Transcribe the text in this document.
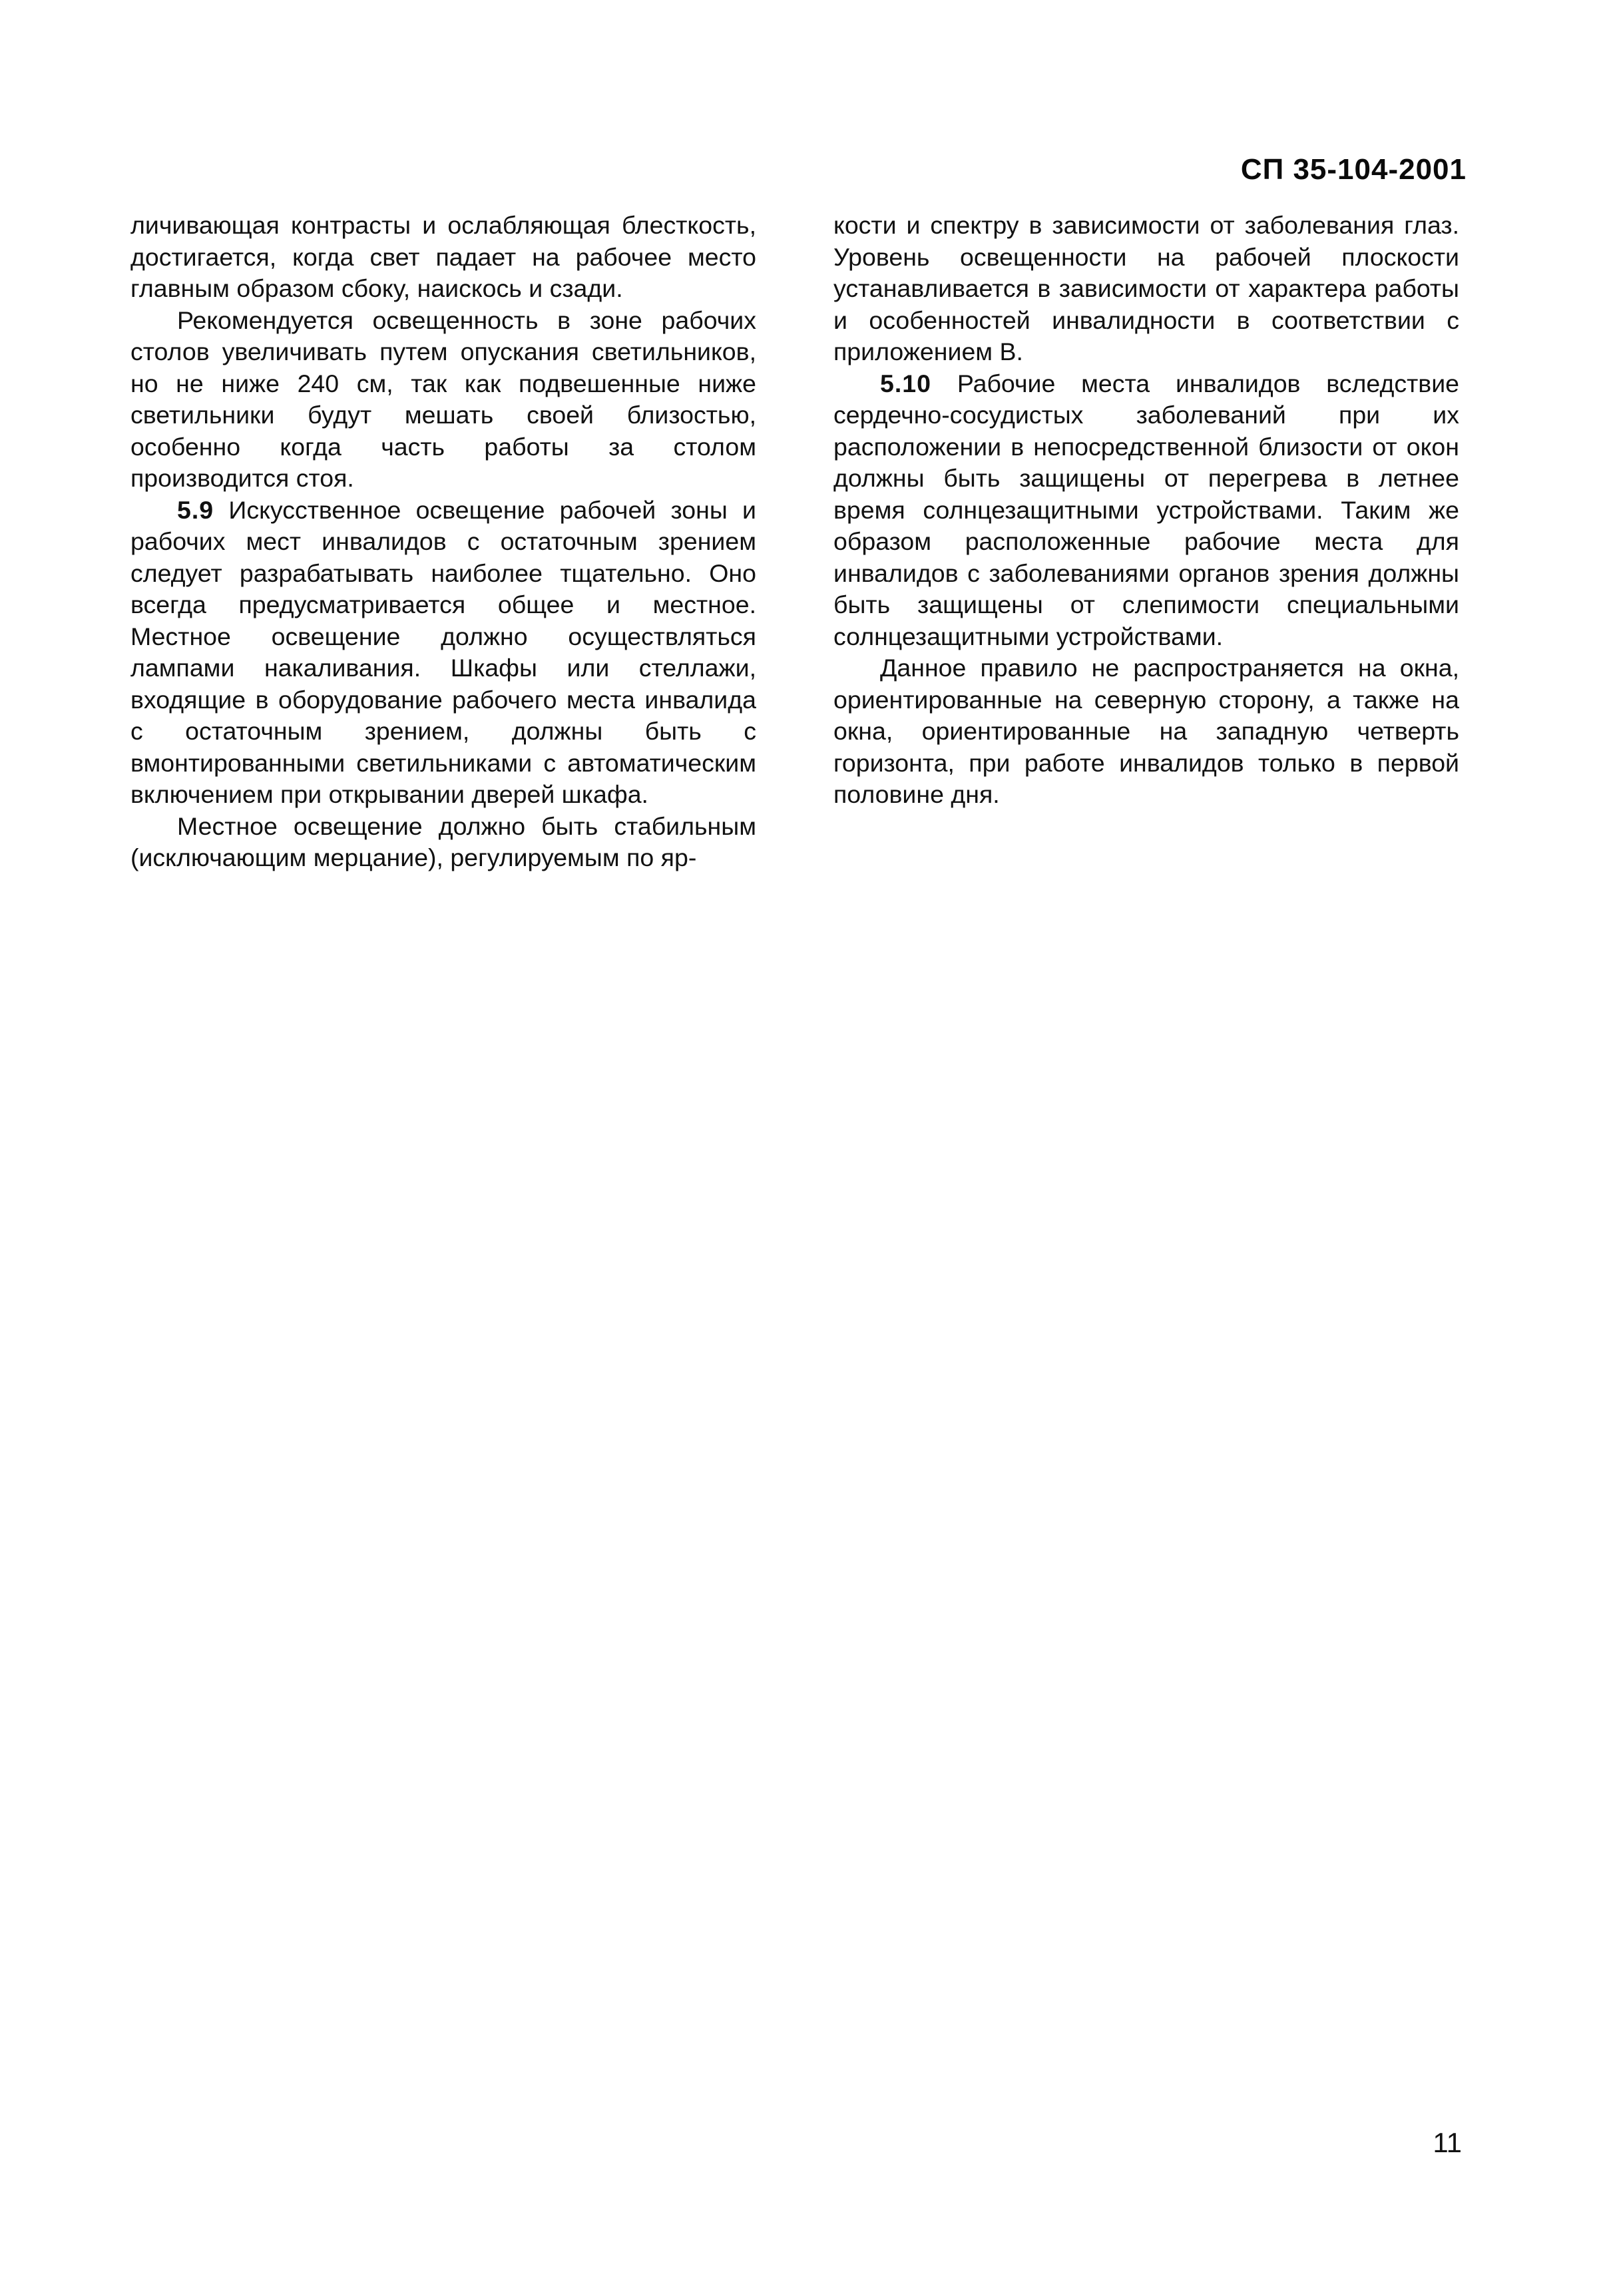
СП 35-104-2001

личивающая контрасты и ослабляющая блесткость, достигается, когда свет падает на рабочее место главным образом сбоку, наискось и сзади.

Рекомендуется освещенность в зоне рабочих столов увеличивать путем опускания светильников, но не ниже 240 см, так как подвешенные ниже светильники будут мешать своей близостью, особенно когда часть работы за столом производится стоя.

5.9 Искусственное освещение рабочей зоны и рабочих мест инвалидов с остаточным зрением следует разрабатывать наиболее тщательно. Оно всегда предусматривается общее и местное. Местное освещение должно осуществляться лампами накаливания. Шкафы или стеллажи, входящие в оборудование рабочего места инвалида с остаточным зрением, должны быть с вмонтированными светильниками с автоматическим включением при открывании дверей шкафа.

Местное освещение должно быть стабильным (исключающим мерцание), регулируемым по яр-

кости и спектру в зависимости от заболевания глаз. Уровень освещенности на рабочей плоскости устанавливается в зависимости от характера работы и особенностей инвалидности в соответствии с приложением В.

5.10 Рабочие места инвалидов вследствие сердечно-сосудистых заболеваний при их расположении в непосредственной близости от окон должны быть защищены от перегрева в летнее время солнцезащитными устройствами. Таким же образом расположенные рабочие места для инвалидов с заболеваниями органов зрения должны быть защищены от слепимости специальными солнцезащитными устройствами.

Данное правило не распространяется на окна, ориентированные на северную сторону, а также на окна, ориентированные на западную четверть горизонта, при работе инвалидов только в первой половине дня.

11
